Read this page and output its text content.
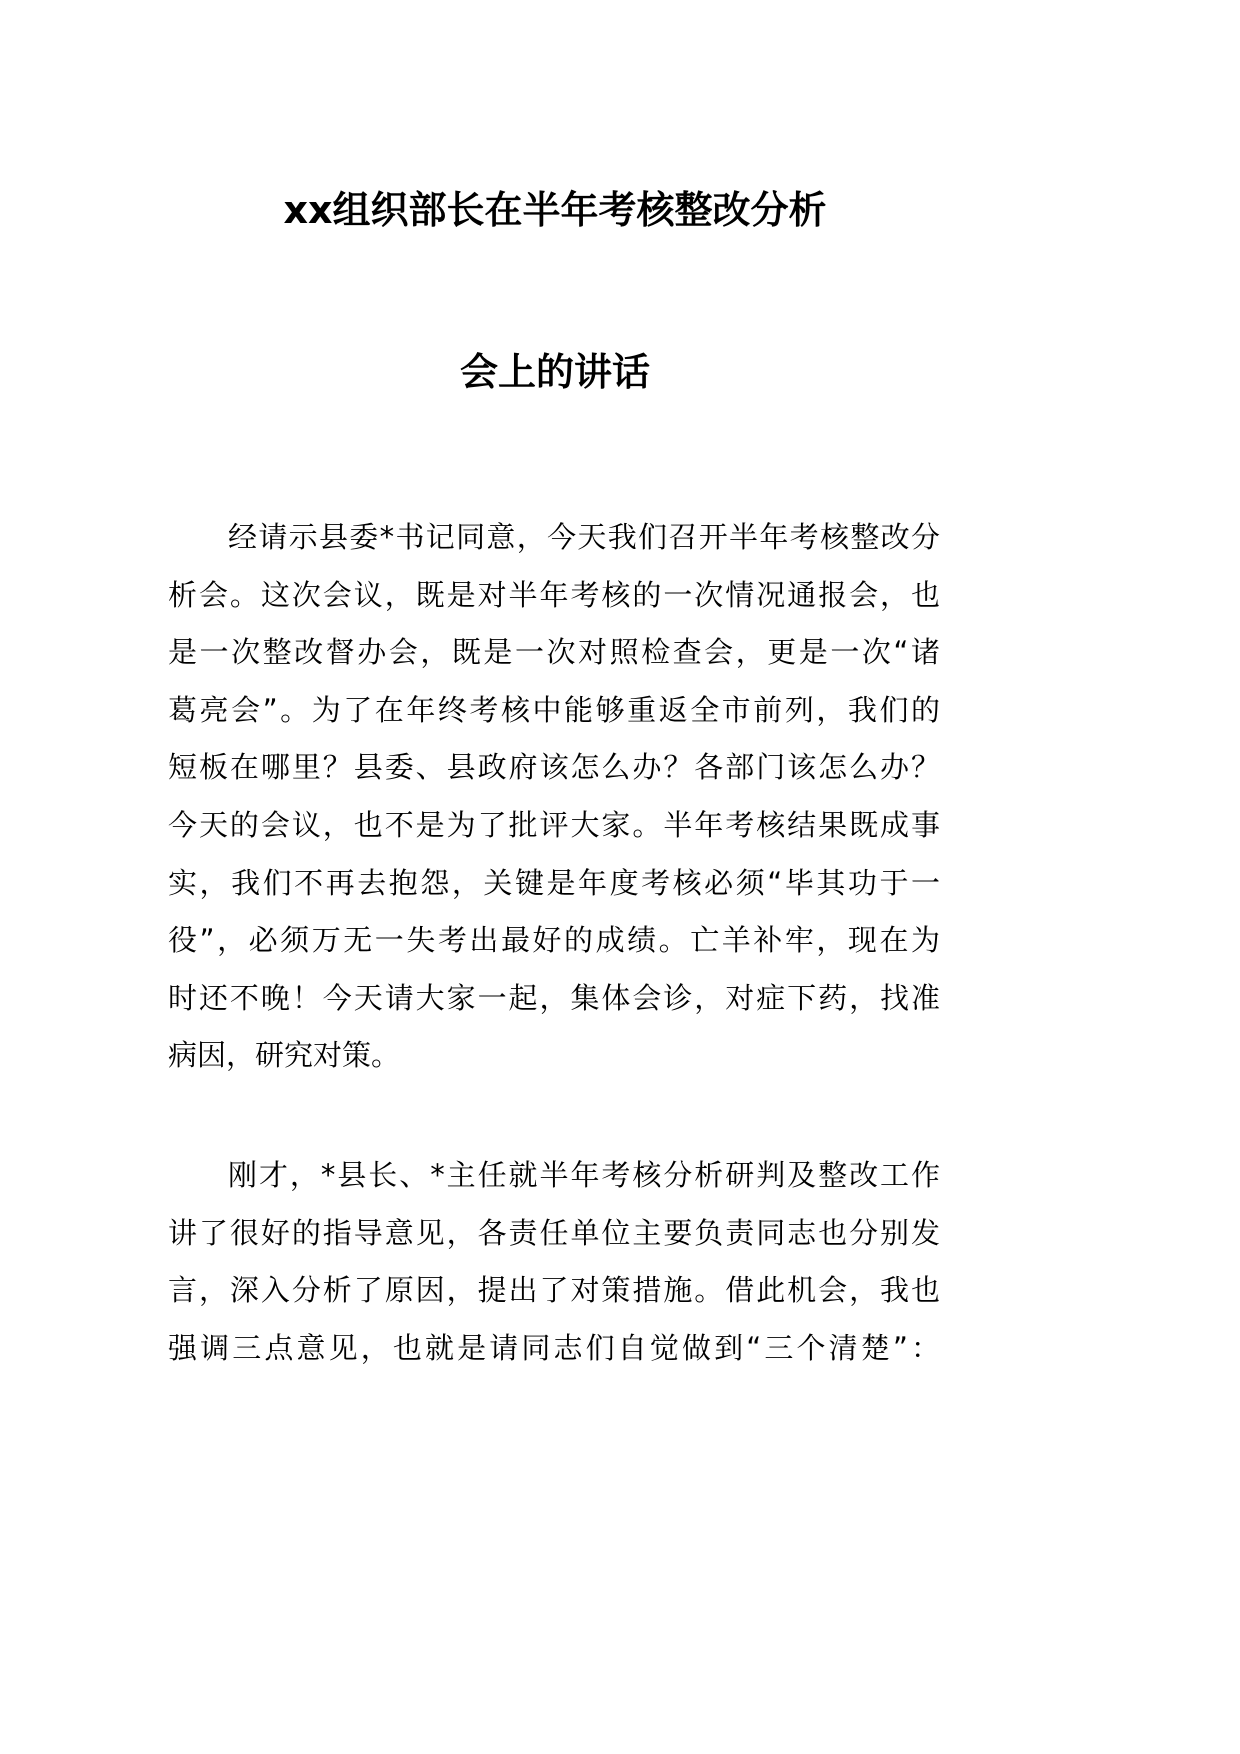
xx组织部长在半年考核整改分析
会上的讲话
经请示县委*书记同意，今天我们召开半年考核整改分
析会。这次会议，既是对半年考核的一次情况通报会，也
是一次整改督办会，既是一次对照检查会，更是一次“诸
葛亮会”。为了在年终考核中能够重返全市前列，我们的
短板在哪里？县委、县政府该怎么办？各部门该怎么办？
今天的会议，也不是为了批评大家。半年考核结果既成事
实，我们不再去抱怨，关键是年度考核必须“毕其功于一
役”，必须万无一失考出最好的成绩。亡羊补牢，现在为
时还不晚！今天请大家一起，集体会诊，对症下药，找准
病因，研究对策。
刚才，*县长、*主任就半年考核分析研判及整改工作
讲了很好的指导意见，各责任单位主要负责同志也分别发
言，深入分析了原因，提出了对策措施。借此机会，我也
强调三点意见，也就是请同志们自觉做到“三个清楚”：
